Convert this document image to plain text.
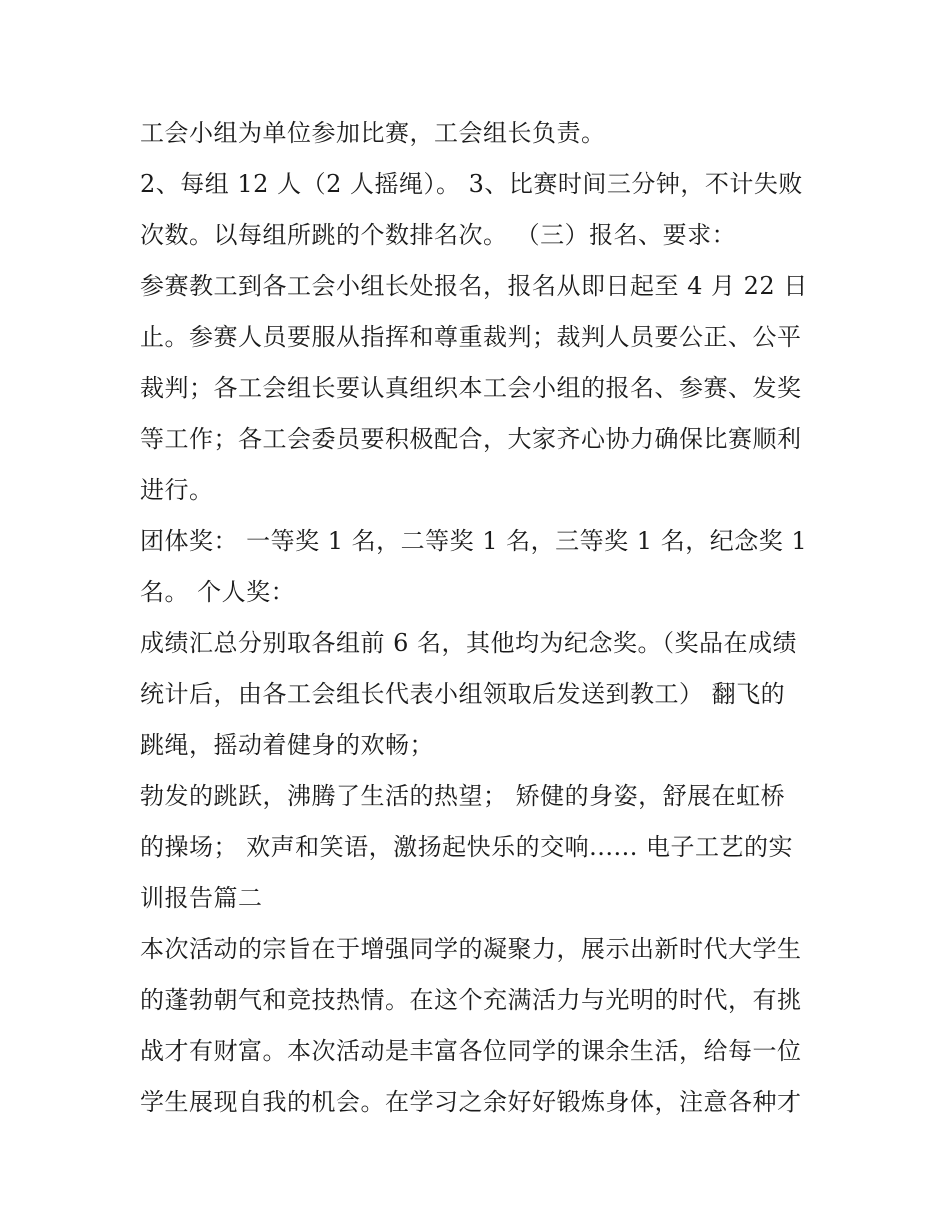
工会小组为单位参加比赛，工会组长负责。
2、每组 12 人（2 人摇绳）。 3、比赛时间三分钟，不计失败
次数。以每组所跳的个数排名次。 （三）报名、要求：
参赛教工到各工会小组长处报名，报名从即日起至 4 月 22 日
止。参赛人员要服从指挥和尊重裁判；裁判人员要公正、公平
裁判；各工会组长要认真组织本工会小组的报名、参赛、发奖
等工作；各工会委员要积极配合，大家齐心协力确保比赛顺利
进行。
团体奖： 一等奖 1 名，二等奖 1 名，三等奖 1 名，纪念奖 1
名。 个人奖：
成绩汇总分别取各组前 6 名，其他均为纪念奖。（奖品在成绩
统计后，由各工会组长代表小组领取后发送到教工） 翻飞的
跳绳，摇动着健身的欢畅；
勃发的跳跃，沸腾了生活的热望； 矫健的身姿，舒展在虹桥
的操场； 欢声和笑语，激扬起快乐的交响...... 电子工艺的实
训报告篇二
本次活动的宗旨在于增强同学的凝聚力，展示出新时代大学生
的蓬勃朝气和竞技热情。在这个充满活力与光明的时代，有挑
战才有财富。本次活动是丰富各位同学的课余生活，给每一位
学生展现自我的机会。在学习之余好好锻炼身体，注意各种才
